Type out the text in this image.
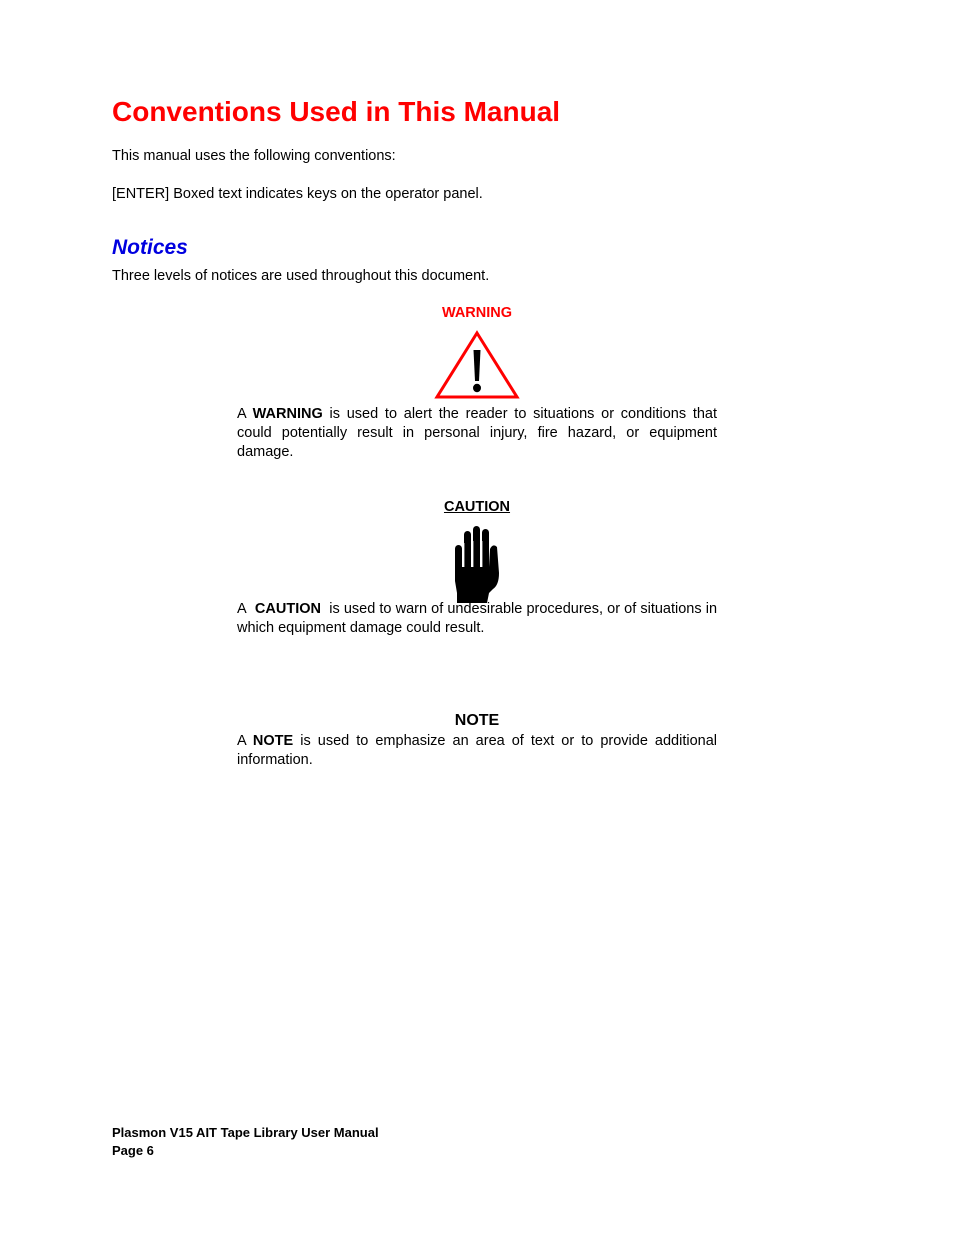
Conventions Used in This Manual
This manual uses the following conventions:
[ENTER] Boxed text indicates keys on the operator panel.
Notices
Three levels of notices are used throughout this document.
WARNING
A WARNING is used to alert the reader to situations or conditions that could potentially result in personal injury, fire hazard, or equipment damage.
CAUTION
A CAUTION is used to warn of undesirable procedures, or of situations in which equipment damage could result.
NOTE
A NOTE is used to emphasize an area of text or to provide additional information.
Plasmon V15 AIT Tape Library User Manual
Page 6
